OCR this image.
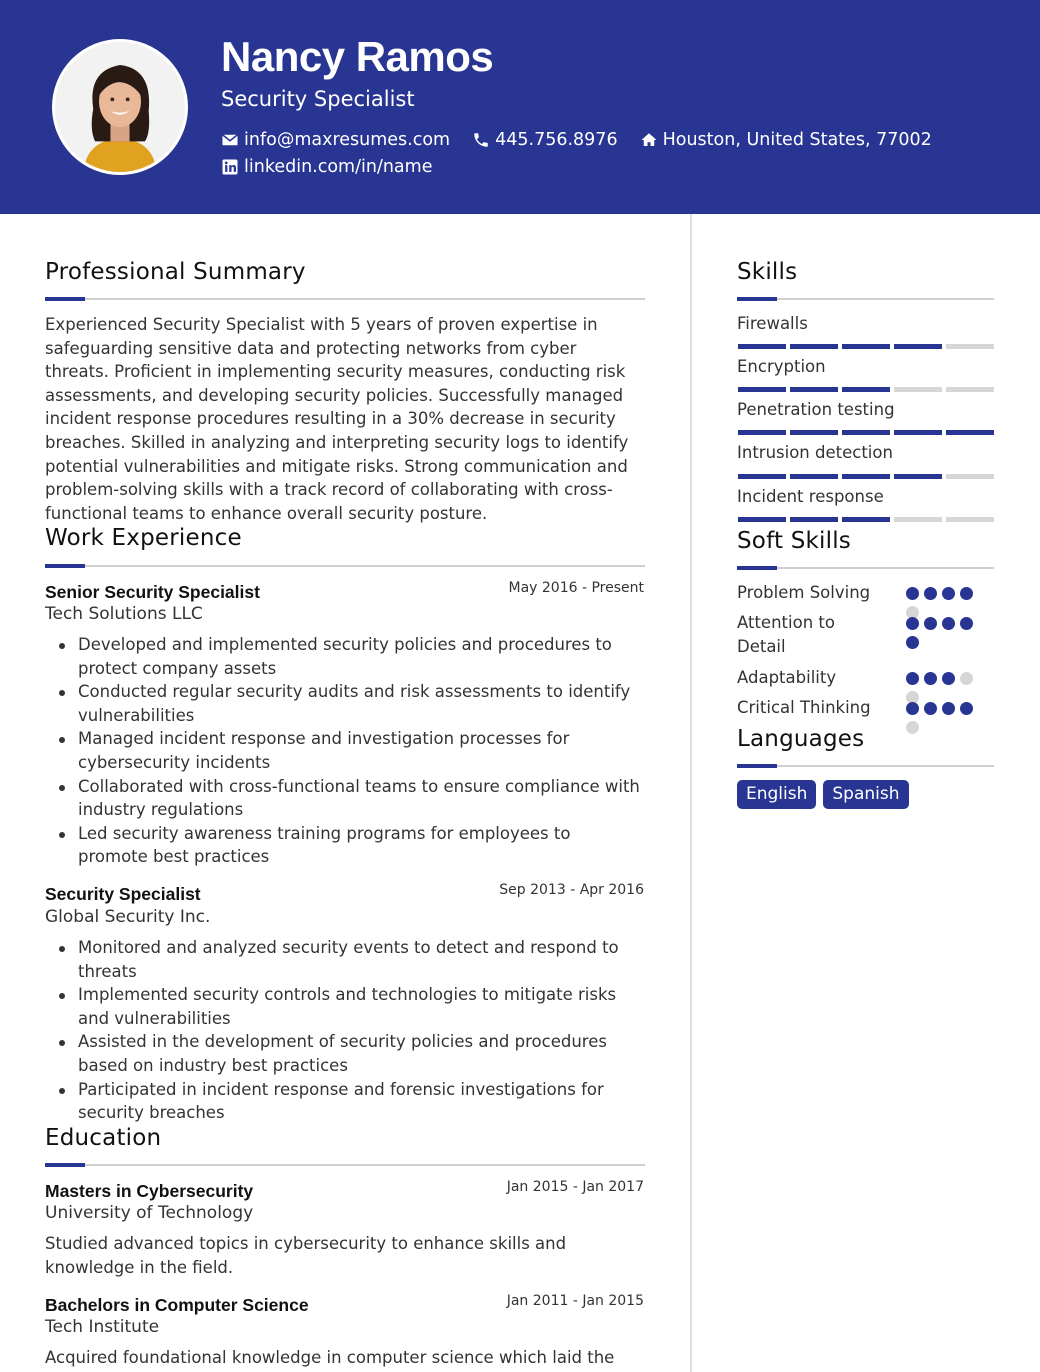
Nancy Ramos
Security Specialist
info@maxresumes.com	445.756.8976	Houston, United States, 77002
linkedin.com/in/name
Professional Summary
Experienced Security Specialist with 5 years of proven expertise in safeguarding sensitive data and protecting networks from cyber threats. Proficient in implementing security measures, conducting risk assessments, and developing security policies. Successfully managed incident response procedures resulting in a 30% decrease in security breaches. Skilled in analyzing and interpreting security logs to identify potential vulnerabilities and mitigate risks. Strong communication and problem-solving skills with a track record of collaborating with cross-functional teams to enhance overall security posture.
Work Experience
Senior Security Specialist	May 2016 - Present
Tech Solutions LLC
Developed and implemented security policies and procedures to protect company assets
Conducted regular security audits and risk assessments to identify vulnerabilities
Managed incident response and investigation processes for cybersecurity incidents
Collaborated with cross-functional teams to ensure compliance with industry regulations
Led security awareness training programs for employees to promote best practices
Security Specialist	Sep 2013 - Apr 2016
Global Security Inc.
Monitored and analyzed security events to detect and respond to threats
Implemented security controls and technologies to mitigate risks and vulnerabilities
Assisted in the development of security policies and procedures based on industry best practices
Participated in incident response and forensic investigations for security breaches
Education
Masters in Cybersecurity	Jan 2015 - Jan 2017
University of Technology
Studied advanced topics in cybersecurity to enhance skills and knowledge in the field.
Bachelors in Computer Science	Jan 2011 - Jan 2015
Tech Institute
Acquired foundational knowledge in computer science which laid the
Skills
Firewalls
Encryption
Penetration testing
Intrusion detection
Incident response
Soft Skills
Problem Solving
Attention to Detail
Adaptability
Critical Thinking
Languages
English	Spanish
